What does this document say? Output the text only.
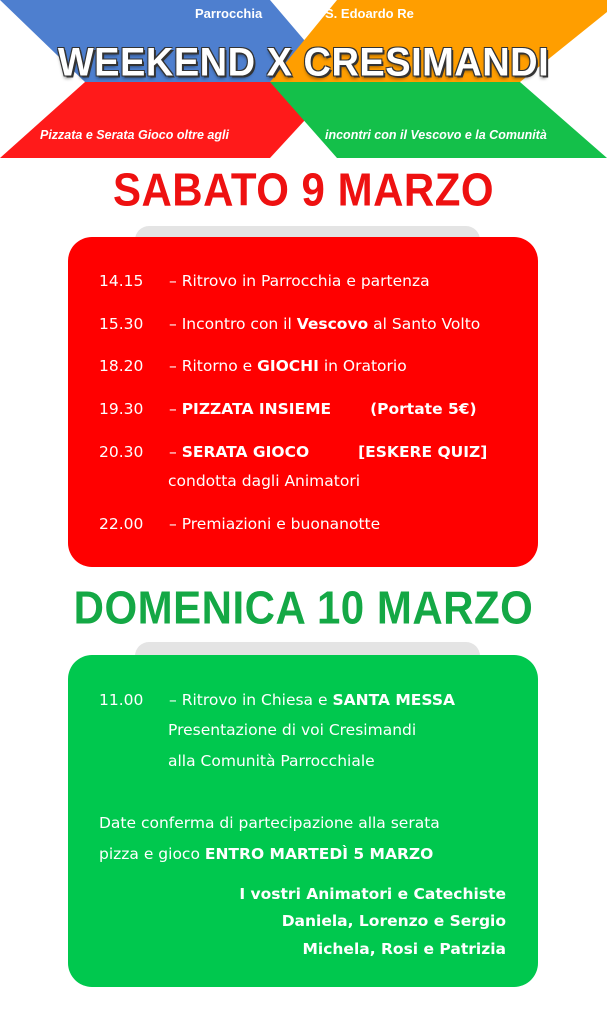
Parrocchia	S. Edoardo Re
WEEKEND X CRESIMANDI
Pizzata e Serata Gioco oltre agli	incontri con il Vescovo e la Comunità
SABATO 9 MARZO
14.15 – Ritrovo in Parrocchia e partenza
15.30 – Incontro con il Vescovo al Santo Volto
18.20 – Ritorno e GIOCHI in Oratorio
19.30 – PIZZATA INSIEME	(Portate 5€)
20.30 – SERATA GIOCO	[ESKERE QUIZ]
condotta dagli Animatori
22.00 – Premiazioni e buonanotte
DOMENICA 10 MARZO
11.00 – Ritrovo in Chiesa e SANTA MESSA
Presentazione di voi Cresimandi
alla Comunità Parrocchiale
Date conferma di partecipazione alla serata
pizza e gioco ENTRO MARTEDÌ 5 MARZO
I vostri Animatori e Catechiste
Daniela, Lorenzo e Sergio
Michela, Rosi e Patrizia
